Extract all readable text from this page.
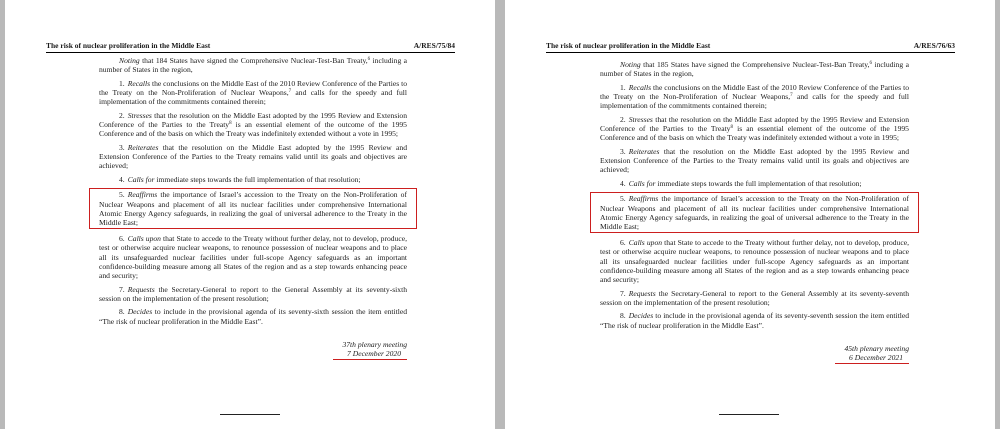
The risk of nuclear proliferation in the Middle East	A/RES/75/84

Noting that 184 States have signed the Comprehensive Nuclear-Test-Ban Treaty,$^6$ including a number of States in the region,

1. Recalls the conclusions on the Middle East of the 2010 Review Conference of the Parties to the Treaty on the Non-Proliferation of Nuclear Weapons,$^7$ and calls for the speedy and full implementation of the commitments contained therein;

2. Stresses that the resolution on the Middle East adopted by the 1995 Review and Extension Conference of the Parties to the Treaty$^8$ is an essential element of the outcome of the 1995 Conference and of the basis on which the Treaty was indefinitely extended without a vote in 1995;

3. Reiterates that the resolution on the Middle East adopted by the 1995 Review and Extension Conference of the Parties to the Treaty remains valid until its goals and objectives are achieved;

4. Calls for immediate steps towards the full implementation of that resolution;

5. Reaffirms the importance of Israel’s accession to the Treaty on the Non-Proliferation of Nuclear Weapons and placement of all its nuclear facilities under comprehensive International Atomic Energy Agency safeguards, in realizing the goal of universal adherence to the Treaty in the Middle East;

6. Calls upon that State to accede to the Treaty without further delay, not to develop, produce, test or otherwise acquire nuclear weapons, to renounce possession of nuclear weapons and to place all its unsafeguarded nuclear facilities under full-scope Agency safeguards as an important confidence-building measure among all States of the region and as a step towards enhancing peace and security;

7. Requests the Secretary-General to report to the General Assembly at its seventy-sixth session on the implementation of the present resolution;

8. Decides to include in the provisional agenda of its seventy-sixth session the item entitled “The risk of nuclear proliferation in the Middle East”.

37th plenary meeting
7 December 2020
The risk of nuclear proliferation in the Middle East	A/RES/76/63

Noting that 185 States have signed the Comprehensive Nuclear-Test-Ban Treaty,$^6$ including a number of States in the region,

1. Recalls the conclusions on the Middle East of the 2010 Review Conference of the Parties to the Treaty on the Non-Proliferation of Nuclear Weapons,$^7$ and calls for the speedy and full implementation of the commitments contained therein;

2. Stresses that the resolution on the Middle East adopted by the 1995 Review and Extension Conference of the Parties to the Treaty$^8$ is an essential element of the outcome of the 1995 Conference and of the basis on which the Treaty was indefinitely extended without a vote in 1995;

3. Reiterates that the resolution on the Middle East adopted by the 1995 Review and Extension Conference of the Parties to the Treaty remains valid until its goals and objectives are achieved;

4. Calls for immediate steps towards the full implementation of that resolution;

5. Reaffirms the importance of Israel’s accession to the Treaty on the Non-Proliferation of Nuclear Weapons and placement of all its nuclear facilities under comprehensive International Atomic Energy Agency safeguards, in realizing the goal of universal adherence to the Treaty in the Middle East;

6. Calls upon that State to accede to the Treaty without further delay, not to develop, produce, test or otherwise acquire nuclear weapons, to renounce possession of nuclear weapons and to place all its unsafeguarded nuclear facilities under full-scope Agency safeguards as an important confidence-building measure among all States of the region and as a step towards enhancing peace and security;

7. Requests the Secretary-General to report to the General Assembly at its seventy-seventh session on the implementation of the present resolution;

8. Decides to include in the provisional agenda of its seventy-seventh session the item entitled “The risk of nuclear proliferation in the Middle East”.

45th plenary meeting
6 December 2021
